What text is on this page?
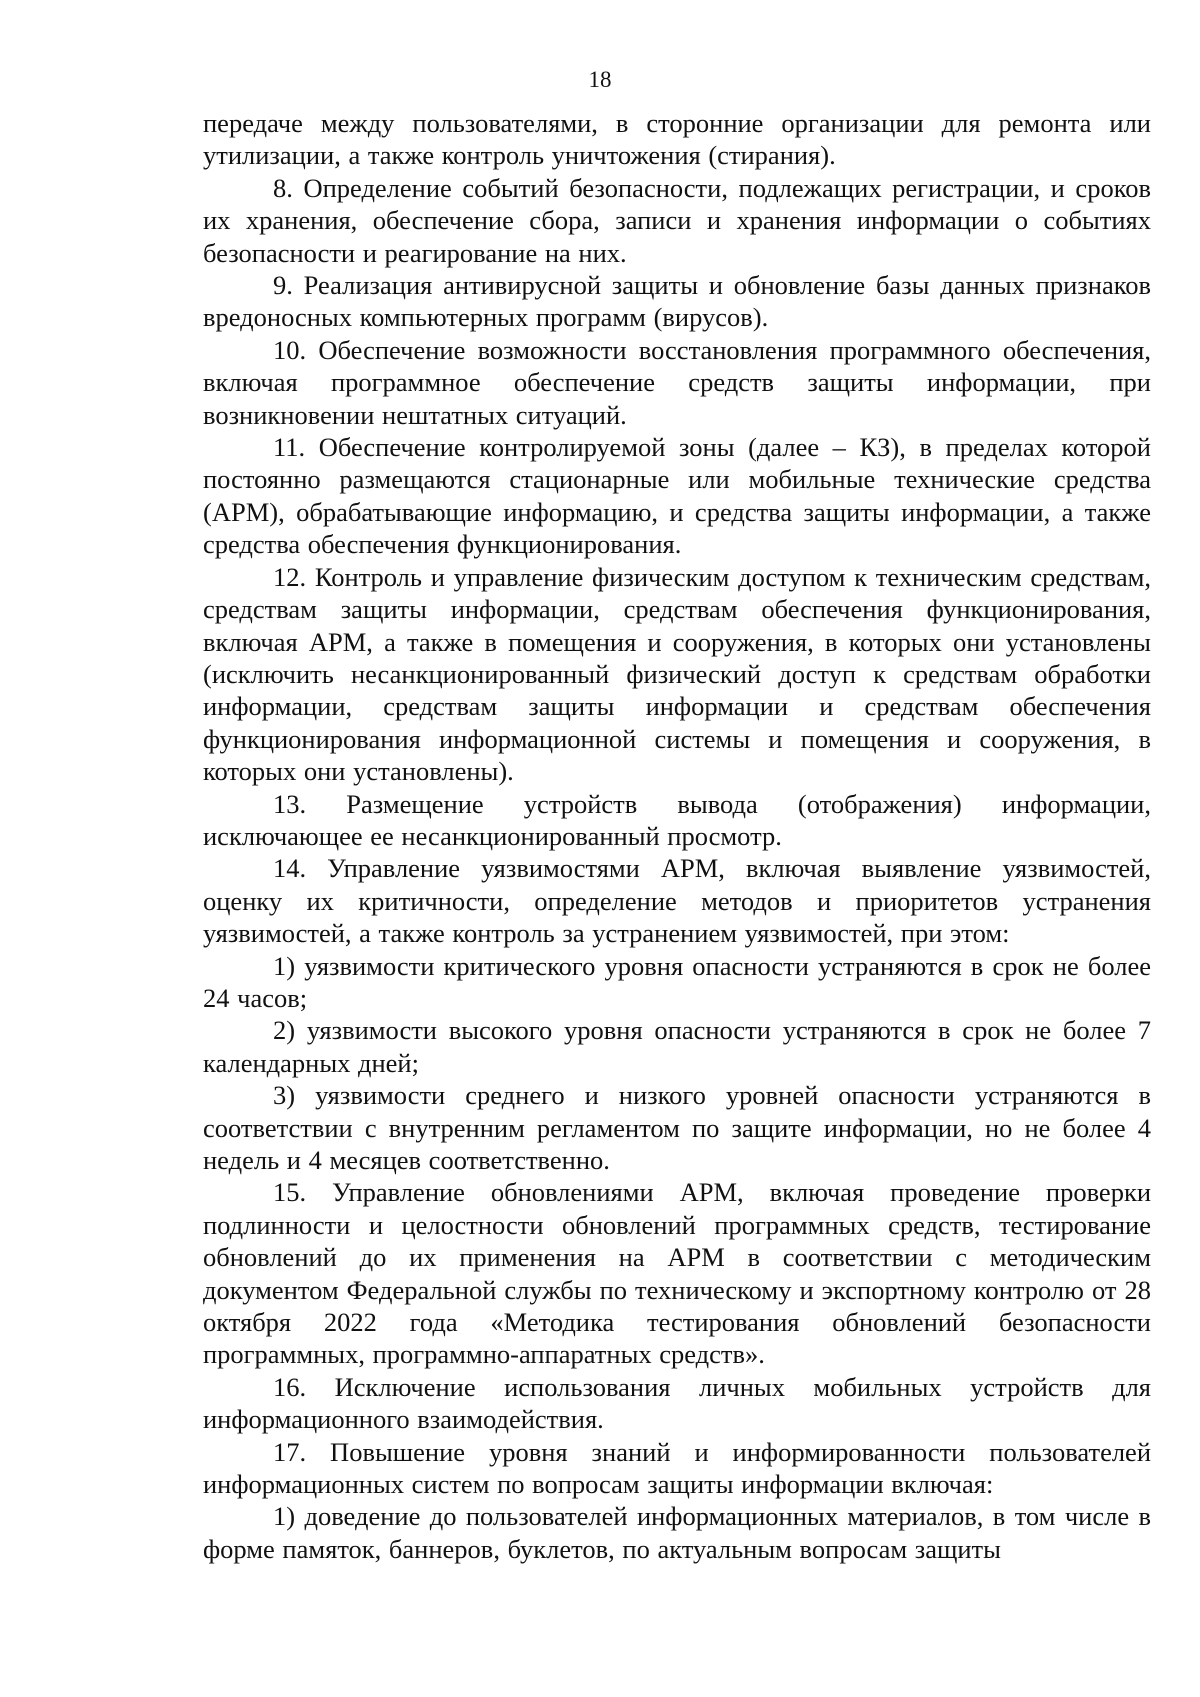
18

передаче между пользователями, в сторонние организации для ремонта или утилизации, а также контроль уничтожения (стирания).

8. Определение событий безопасности, подлежащих регистрации, и сроков их хранения, обеспечение сбора, записи и хранения информации о событиях безопасности и реагирование на них.

9. Реализация антивирусной защиты и обновление базы данных признаков вредоносных компьютерных программ (вирусов).

10. Обеспечение возможности восстановления программного обеспечения, включая программное обеспечение средств защиты информации, при возникновении нештатных ситуаций.

11. Обеспечение контролируемой зоны (далее – КЗ), в пределах которой постоянно размещаются стационарные или мобильные технические средства (АРМ), обрабатывающие информацию, и средства защиты информации, а также средства обеспечения функционирования.

12. Контроль и управление физическим доступом к техническим средствам, средствам защиты информации, средствам обеспечения функционирования, включая АРМ, а также в помещения и сооружения, в которых они установлены (исключить несанкционированный физический доступ к средствам обработки информации, средствам защиты информации и средствам обеспечения функционирования информационной системы и помещения и сооружения, в которых они установлены).

13. Размещение устройств вывода (отображения) информации, исключающее ее несанкционированный просмотр.

14. Управление уязвимостями АРМ, включая выявление уязвимостей, оценку их критичности, определение методов и приоритетов устранения уязвимостей, а также контроль за устранением уязвимостей, при этом:

1) уязвимости критического уровня опасности устраняются в срок не более 24 часов;

2) уязвимости высокого уровня опасности устраняются в срок не более 7 календарных дней;

3) уязвимости среднего и низкого уровней опасности устраняются в соответствии с внутренним регламентом по защите информации, но не более 4 недель и 4 месяцев соответственно.

15. Управление обновлениями АРМ, включая проведение проверки подлинности и целостности обновлений программных средств, тестирование обновлений до их применения на АРМ в соответствии с методическим документом Федеральной службы по техническому и экспортному контролю от 28 октября 2022 года «Методика тестирования обновлений безопасности программных, программно-аппаратных средств».

16. Исключение использования личных мобильных устройств для информационного взаимодействия.

17. Повышение уровня знаний и информированности пользователей информационных систем по вопросам защиты информации включая:

1) доведение до пользователей информационных материалов, в том числе в форме памяток, баннеров, буклетов, по актуальным вопросам защиты
